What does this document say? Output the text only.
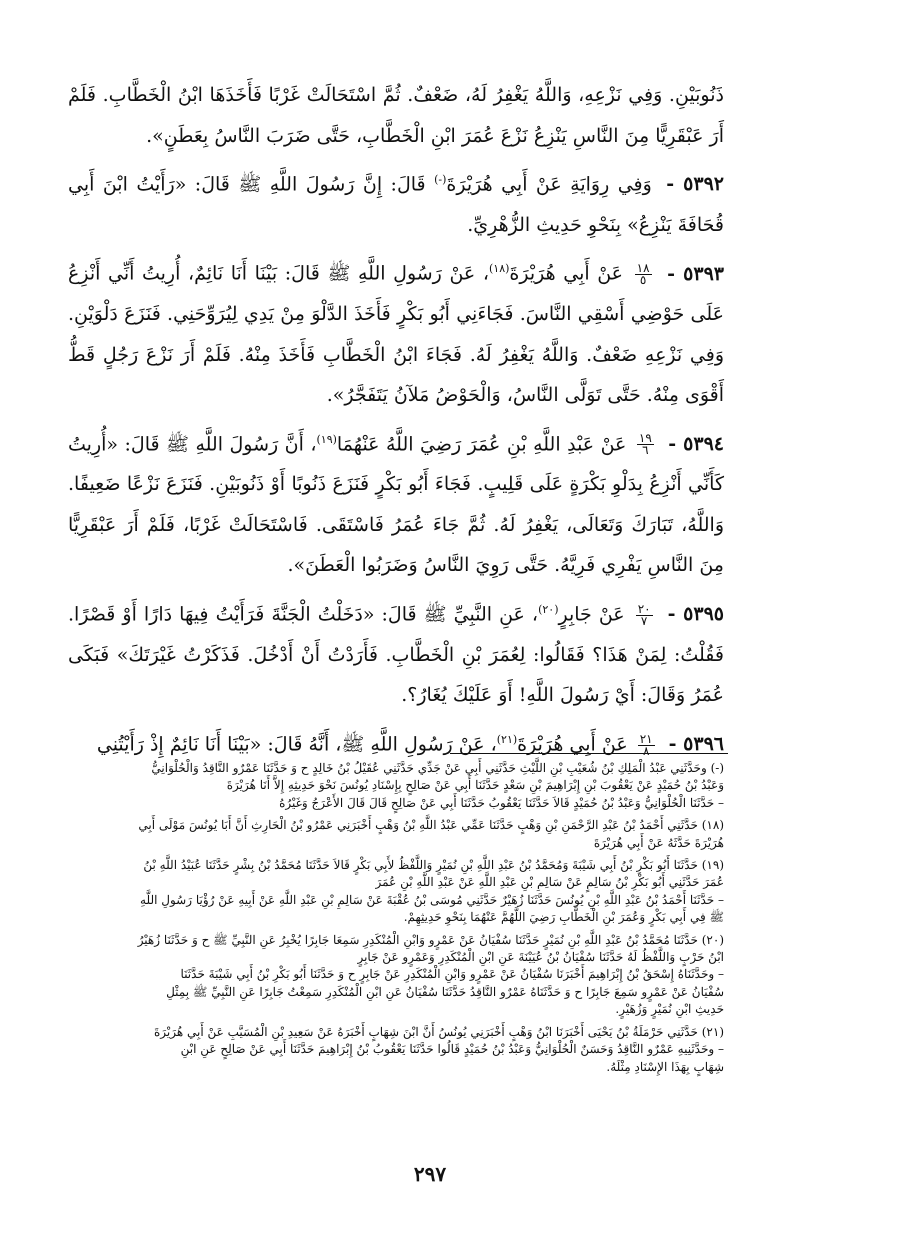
ذَنُوبَيْنِ. وَفِي نَزْعِهِ، وَاللَّهُ يَغْفِرُ لَهُ، ضَعْفٌ. ثُمَّ اسْتَحَالَتْ غَرْبًا فَأَخَذَهَا ابْنُ الْخَطَّابِ. فَلَمْ أَرَ عَبْقَرِيًّا مِنَ النَّاسِ يَنْزِعُ نَزْعَ عُمَرَ ابْنِ الْخَطَّابِ، حَتَّى ضَرَبَ النَّاسُ بِعَطَنٍ».

٥٣٩٢ - وَفِي رِوَايَةِ عَنْ أَبِي هُرَيْرَةَ(-) قَالَ: إِنَّ رَسُولَ اللَّهِ ﷺ قَالَ: «رَأَيْتُ ابْنَ أَبِي قُحَافَةَ يَنْزِعُ» بِنَحْوِ حَدِيثِ الزُّهْرِيِّ.

٥٣٩٣ -
$\frac{١٨}{٥}$
عَنْ أَبِي هُرَيْرَةَ$^{(١٨)}$، عَنْ رَسُولِ اللَّهِ ﷺ قَالَ: بَيْنَا أَنَا نَائِمٌ، أُرِيتُ أَنِّي أَنْزِعُ عَلَى حَوْضِي أَسْقِي النَّاسَ. فَجَاءَنِي أَبُو بَكْرٍ فَأَخَذَ الدَّلْوَ مِنْ يَدِي لِيُرَوِّحَنِي. فَنَزَعَ دَلْوَيْنِ. وَفِي نَزْعِهِ ضَعْفٌ. وَاللَّهُ يَغْفِرُ لَهُ. فَجَاءَ ابْنُ الْخَطَّابِ فَأَخَذَ مِنْهُ. فَلَمْ أَرَ نَزْعَ رَجُلٍ قَطُّ أَقْوَى مِنْهُ. حَتَّى تَوَلَّى النَّاسُ، وَالْحَوْضُ مَلآنُ يَتَفَجَّرُ».

٥٣٩٤ -
$\frac{١٩}{٦}$
عَنْ عَبْدِ اللَّهِ بْنِ عُمَرَ رَضِيَ اللَّهُ عَنْهُمَا$^{(١٩)}$، أَنَّ رَسُولَ اللَّهِ ﷺ قَالَ: «أُرِيتُ كَأَنِّي أَنْزِعُ بِدَلْوِ بَكْرَةٍ عَلَى قَلِيبٍ. فَجَاءَ أَبُو بَكْرٍ فَنَزَعَ ذَنُوبًا أَوْ ذَنُوبَيْنِ. فَنَزَعَ نَزْعًا ضَعِيفًا. وَاللَّهُ، تَبَارَكَ وَتَعَالَى، يَغْفِرُ لَهُ. ثُمَّ جَاءَ عُمَرُ فَاسْتَقَى. فَاسْتَحَالَتْ غَرْبًا، فَلَمْ أَرَ عَبْقَرِيًّا مِنَ النَّاسِ يَفْرِي فَرِيَّهُ. حَتَّى رَوِيَ النَّاسُ وَضَرَبُوا الْعَطَنَ».

٥٣٩٥ -
$\frac{٢٠}{٧}$
عَنْ جَابِرٍ$^{(٢٠)}$، عَنِ النَّبِيِّ ﷺ قَالَ: «دَخَلْتُ الْجَنَّةَ فَرَأَيْتُ فِيهَا دَارًا أَوْ قَصْرًا. فَقُلْتُ: لِمَنْ هَذَا؟ فَقَالُوا: لِعُمَرَ بْنِ الْخَطَّابِ. فَأَرَدْتُ أَنْ أَدْخُلَ. فَذَكَرْتُ غَيْرَتَكَ» فَبَكَى عُمَرُ وَقَالَ: أَيْ رَسُولَ اللَّهِ! أَوَ عَلَيْكَ يُغَارُ؟.

٥٣٩٦ -
$\frac{٢١}{٨}$
عَنْ أَبِي هُرَيْرَةَ$^{(٢١)}$، عَنْ رَسُولِ اللَّهِ ﷺ، أَنَّهُ قَالَ: «بَيْنَا أَنَا نَائِمٌ إِذْ رَأَيْتُنِي

(-) وحَدَّثَنِي عَبْدُ الْمَلِكِ بْنُ شُعَيْبِ بْنِ اللَّيْثِ حَدَّثَنِي أَبِي عَنْ جَدِّي حَدَّثَنِي عُقَيْلُ بْنُ خَالِدٍ ح وَ حَدَّثَنَا عَمْرٌو النَّاقِدُ وَالْحُلْوَانِيُّ
وَعَبْدُ بْنُ حُمَيْدٍ عَنْ يَعْقُوبَ بْنِ إِبْرَاهِيمَ بْنِ سَعْدٍ حَدَّثَنَا أَبِي عَنْ صَالِحٍ بِإِسْنَادِ يُونُسَ نَحْوَ حَدِيثِهِ إِلاَّ أَنَا هُرَيْرَةَ
– حَدَّثَنَا الْحُلْوَانِيُّ وَعَبْدُ بْنُ حُمَيْدٍ قَالاَ حَدَّثَنَا يَعْقُوبُ حَدَّثَنَا أَبِي عَنْ صَالِحٍ قَالَ قَالَ الأَعْرَجُ وَغَيْرُهُ
(١٨) حَدَّثَنِي أَحْمَدُ بْنُ عَبْدِ الرَّحْمَنِ بْنِ وَهْبٍ حَدَّثَنَا عَمِّي عَبْدُ اللَّهِ بْنُ وَهْبٍ أَخْبَرَنِي عَمْرُو بْنُ الْحَارِثِ أَنَّ أَبَا يُونُسَ مَوْلَى أَبِي
هُرَيْرَةَ حَدَّثَهُ عَنْ أَبِي هُرَيْرَةَ
(١٩) حَدَّثَنَا أَبُو بَكْرِ بْنُ أَبِي شَيْبَةَ وَمُحَمَّدُ بْنُ عَبْدِ اللَّهِ بْنِ نُمَيْرٍ وَاللَّفْظُ لأَبِي بَكْرٍ قَالاَ حَدَّثَنَا مُحَمَّدُ بْنُ بِشْرٍ حَدَّثَنَا عُبَيْدُ اللَّهِ بْنُ
عُمَرَ حَدَّثَنِي أَبُو بَكْرِ بْنُ سَالِمٍ عَنْ سَالِمِ بْنِ عَبْدِ اللَّهِ عَنْ عَبْدِ اللَّهِ بْنِ عُمَرَ
– حَدَّثَنَا أَحْمَدُ بْنُ عَبْدِ اللَّهِ بْنِ يُونُسَ حَدَّثَنَا زُهَيْرٌ حَدَّثَنِي مُوسَى بْنُ عُقْبَةَ عَنْ سَالِمِ بْنِ عَبْدِ اللَّهِ عَنْ أَبِيهِ عَنْ رُؤْيَا رَسُولِ اللَّهِ
ﷺ فِي أَبِي بَكْرٍ وَعُمَرَ بْنِ الْخَطَّابِ رَضِيَ اللَّهُمَّ عَنْهُمَا بِنَحْوِ حَدِيثِهِمْ.
(٢٠) حَدَّثَنَا مُحَمَّدُ بْنُ عَبْدِ اللَّهِ بْنِ نُمَيْرٍ حَدَّثَنَا سُفْيَانُ عَنْ عَمْرٍو وَابْنِ الْمُنْكَدِرِ سَمِعَا جَابِرًا يُخْبِرُ عَنِ النَّبِيِّ ﷺ ح وَ حَدَّثَنَا زُهَيْرُ
ابْنُ حَرْبٍ وَاللَّفْظُ لَهُ حَدَّثَنَا سُفْيَانُ بْنُ عُيَيْنَةَ عَنِ ابْنِ الْمُنْكَدِرِ وَعَمْرٍو عَنْ جَابِرٍ
– وحَدَّثَنَاهُ إِسْحَقُ بْنُ إِبْرَاهِيمَ أَخْبَرَنَا سُفْيَانُ عَنْ عَمْرٍو وَابْنِ الْمُنْكَدِرِ عَنْ جَابِرٍ ح وَ حَدَّثَنَا أَبُو بَكْرِ بْنُ أَبِي شَيْبَةَ حَدَّثَنَا
سُفْيَانُ عَنْ عَمْرٍو سَمِعَ جَابِرًا ح وَ حَدَّثَنَاهُ عَمْرٌو النَّاقِدُ حَدَّثَنَا سُفْيَانُ عَنِ ابْنِ الْمُنْكَدِرِ سَمِعْتُ جَابِرًا عَنِ النَّبِيِّ ﷺ بِمِثْلِ
حَدِيثِ ابْنِ نُمَيْرٍ وَزُهَيْرٍ.
(٢١) حَدَّثَنِي حَرْمَلَةُ بْنُ يَحْيَى أَخْبَرَنَا ابْنُ وَهْبٍ أَخْبَرَنِي يُونُسُ أَنَّ ابْنَ شِهَابٍ أَخْبَرَهُ عَنْ سَعِيدِ بْنِ الْمُسَيَّبِ عَنْ أَبِي هُرَيْرَةَ
– وحَدَّثَنِيهِ عَمْرٌو النَّاقِدُ وَحَسَنٌ الْحُلْوَانِيُّ وَعَبْدُ بْنُ حُمَيْدٍ قَالُوا حَدَّثَنَا يَعْقُوبُ بْنُ إِبْرَاهِيمَ حَدَّثَنَا أَبِي عَنْ صَالِحٍ عَنِ ابْنِ
شِهَابٍ بِهَذَا الإِسْنَادِ مِثْلَهُ.
٢٩٧
